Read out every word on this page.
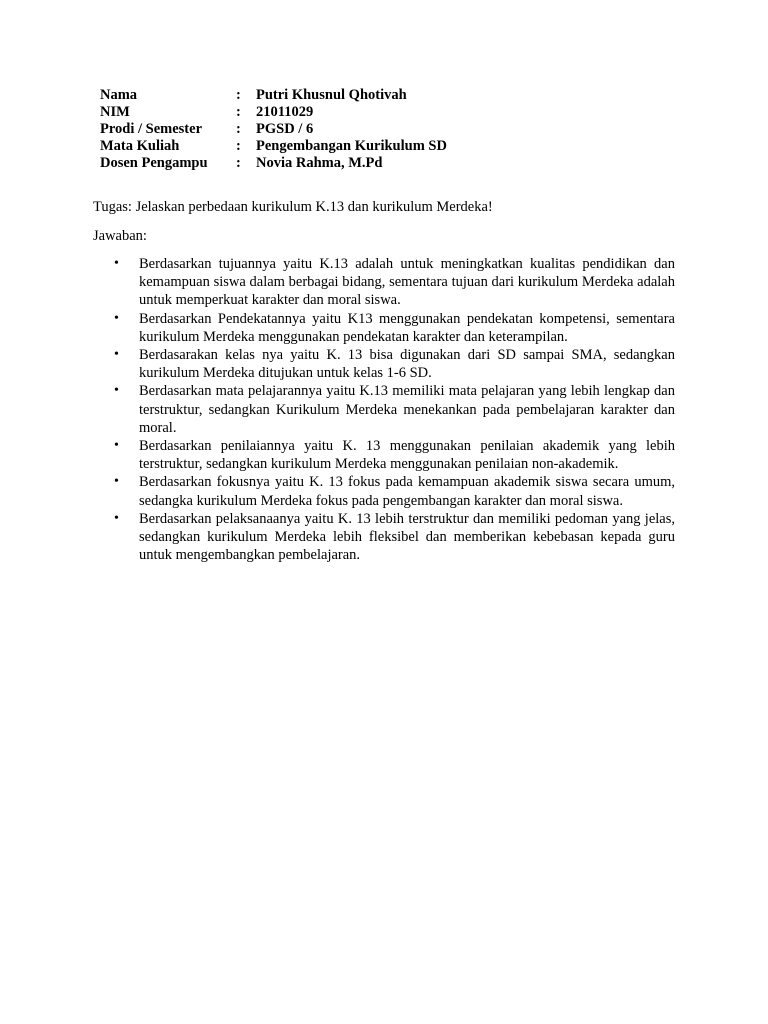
Nama	:	Putri Khusnul Qhotivah
NIM	:	21011029
Prodi / Semester	:	PGSD / 6
Mata Kuliah	:	Pengembangan Kurikulum SD
Dosen Pengampu	:	Novia Rahma, M.Pd
Tugas: Jelaskan perbedaan kurikulum K.13 dan kurikulum Merdeka!
Jawaban:
• Berdasarkan tujuannya yaitu K.13 adalah untuk meningkatkan kualitas pendidikan dan kemampuan siswa dalam berbagai bidang, sementara tujuan dari kurikulum Merdeka adalah untuk memperkuat karakter dan moral siswa.
• Berdasarkan Pendekatannya yaitu K13 menggunakan pendekatan kompetensi, sementara kurikulum Merdeka menggunakan pendekatan karakter dan keterampilan.
• Berdasarakan kelas nya yaitu K. 13 bisa digunakan dari SD sampai SMA, sedangkan kurikulum Merdeka ditujukan untuk kelas 1-6 SD.
• Berdasarkan mata pelajarannya yaitu K.13 memiliki mata pelajaran yang lebih lengkap dan terstruktur, sedangkan Kurikulum Merdeka menekankan pada pembelajaran karakter dan moral.
• Berdasarkan penilaiannya yaitu K. 13 menggunakan penilaian akademik yang lebih terstruktur, sedangkan kurikulum Merdeka menggunakan penilaian non-akademik.
• Berdasarkan fokusnya yaitu K. 13 fokus pada kemampuan akademik siswa secara umum, sedangka kurikulum Merdeka fokus pada pengembangan karakter dan moral siswa.
• Berdasarkan pelaksanaanya yaitu K. 13 lebih terstruktur dan memiliki pedoman yang jelas, sedangkan kurikulum Merdeka lebih fleksibel dan memberikan kebebasan kepada guru untuk mengembangkan pembelajaran.
